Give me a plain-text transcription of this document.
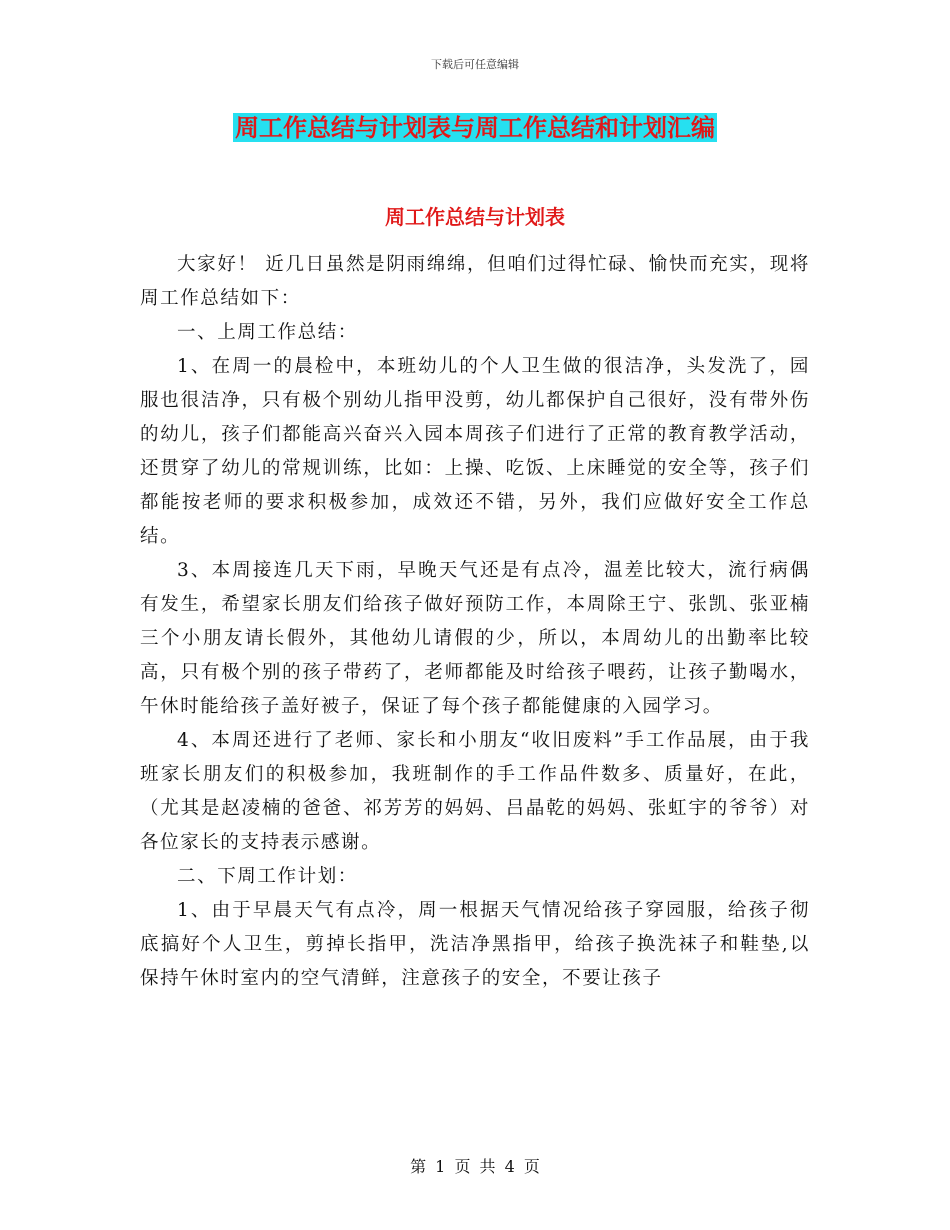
下载后可任意编辑
周工作总结与计划表与周工作总结和计划汇编
周工作总结与计划表

大家好！ 近几日虽然是阴雨绵绵，但咱们过得忙碌、愉快而充实，现将周工作总结如下：

一、上周工作总结：

1、在周一的晨检中，本班幼儿的个人卫生做的很洁净，头发洗了，园服也很洁净，只有极个别幼儿指甲没剪，幼儿都保护自己很好，没有带外伤的幼儿，孩子们都能高兴奋兴入园本周孩子们进行了正常的教育教学活动，还贯穿了幼儿的常规训练，比如：上操、吃饭、上床睡觉的安全等，孩子们都能按老师的要求积极参加，成效还不错，另外，我们应做好安全工作总结。

3、本周接连几天下雨，早晚天气还是有点冷，温差比较大，流行病偶有发生，希望家长朋友们给孩子做好预防工作，本周除王宁、张凯、张亚楠三个小朋友请长假外，其他幼儿请假的少，所以，本周幼儿的出勤率比较高，只有极个别的孩子带药了，老师都能及时给孩子喂药，让孩子勤喝水，午休时能给孩子盖好被子，保证了每个孩子都能健康的入园学习。

4、本周还进行了老师、家长和小朋友“收旧废料”手工作品展，由于我班家长朋友们的积极参加，我班制作的手工作品件数多、质量好，在此，（尤其是赵凌楠的爸爸、祁芳芳的妈妈、吕晶乾的妈妈、张虹宇的爷爷）对各位家长的支持表示感谢。

二、下周工作计划：

1、由于早晨天气有点冷，周一根据天气情况给孩子穿园服，给孩子彻底搞好个人卫生，剪掉长指甲，洗洁净黑指甲，给孩子换洗袜子和鞋垫,以保持午休时室内的空气清鲜，注意孩子的安全，不要让孩子

第 1 页 共 4 页
